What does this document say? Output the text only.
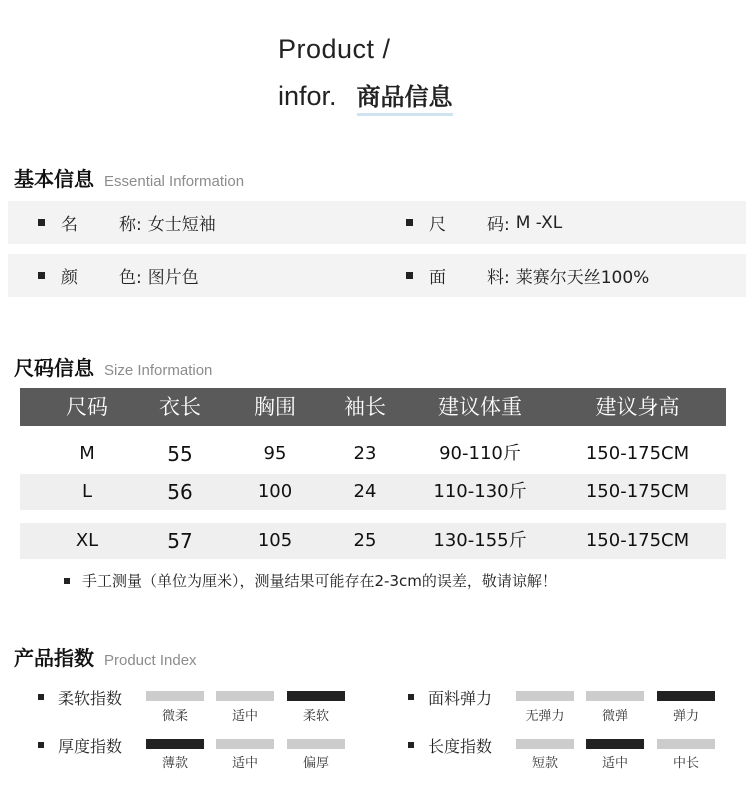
Product /
infor. 商品信息
基本信息 Essential Information
名	称: 女士短袖	尺	码: M -XL
颜	色: 图片色	面	料: 莱赛尔天丝100%
尺码信息 Size Information
尺码	衣长	胸围	袖长	建议体重	建议身高
M	55	95	23	90-110斤	150-175CM
L	56	100	24	110-130斤	150-175CM
XL	57	105	25	130-155斤	150-175CM
手工测量（单位为厘米），测量结果可能存在2-3cm的误差，敬请谅解！
产品指数 Product Index
柔软指数
微柔	适中	柔软
面料弹力
无弹力	微弹	弹力
厚度指数
薄款	适中	偏厚
长度指数
短款	适中	中长
